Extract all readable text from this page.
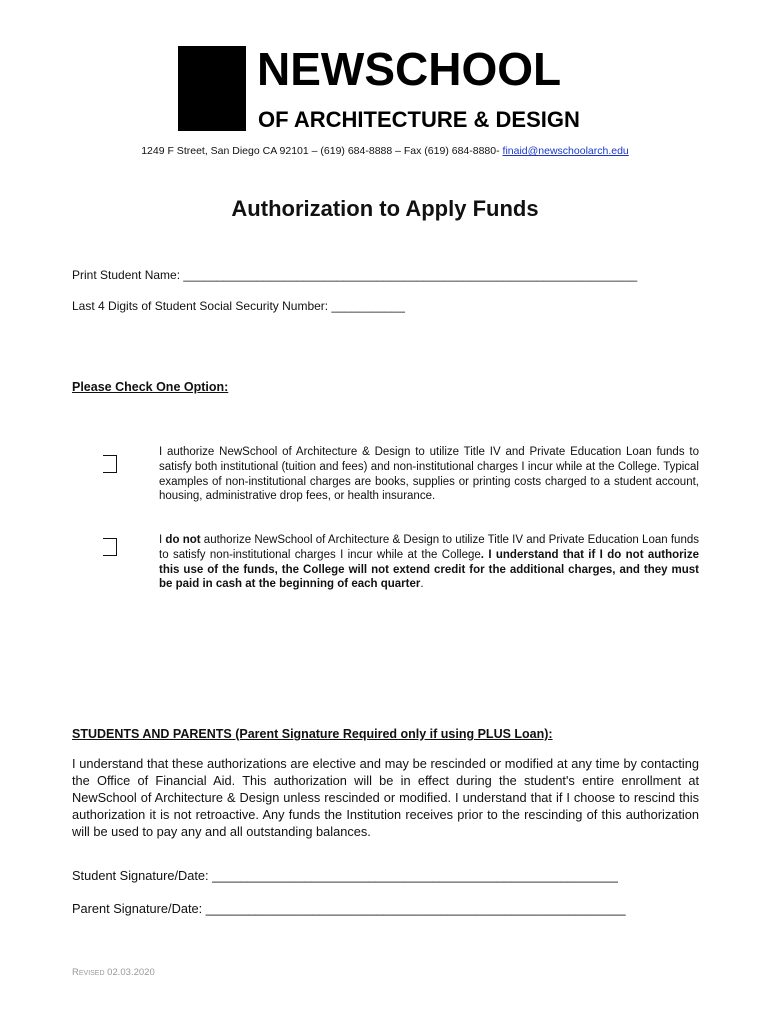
NEWSCHOOL
OF ARCHITECTURE & DESIGN
1249 F Street, San Diego CA 92101 – (619) 684-8888 – Fax (619) 684-8880- finaid@newschoolarch.edu
Authorization to Apply Funds
Print Student Name: ____________________________________________________________________
Last 4 Digits of Student Social Security Number: ___________
Please Check One Option:
I authorize NewSchool of Architecture & Design to utilize Title IV and Private Education Loan funds to satisfy both institutional (tuition and fees) and non-institutional charges I incur while at the College. Typical examples of non-institutional charges are books, supplies or printing costs charged to a student account, housing, administrative drop fees, or health insurance.
I do not authorize NewSchool of Architecture & Design to utilize Title IV and Private Education Loan funds to satisfy non-institutional charges I incur while at the College. I understand that if I do not authorize this use of the funds, the College will not extend credit for the additional charges, and they must be paid in cash at the beginning of each quarter.
STUDENTS AND PARENTS (Parent Signature Required only if using PLUS Loan):
I understand that these authorizations are elective and may be rescinded or modified at any time by contacting the Office of Financial Aid. This authorization will be in effect during the student's entire enrollment at NewSchool of Architecture & Design unless rescinded or modified. I understand that if I choose to rescind this authorization it is not retroactive. Any funds the Institution receives prior to the rescinding of this authorization will be used to pay any and all outstanding balances.
Student Signature/Date: _________________________________________________________
Parent Signature/Date: ___________________________________________________________
Revised 02.03.2020
